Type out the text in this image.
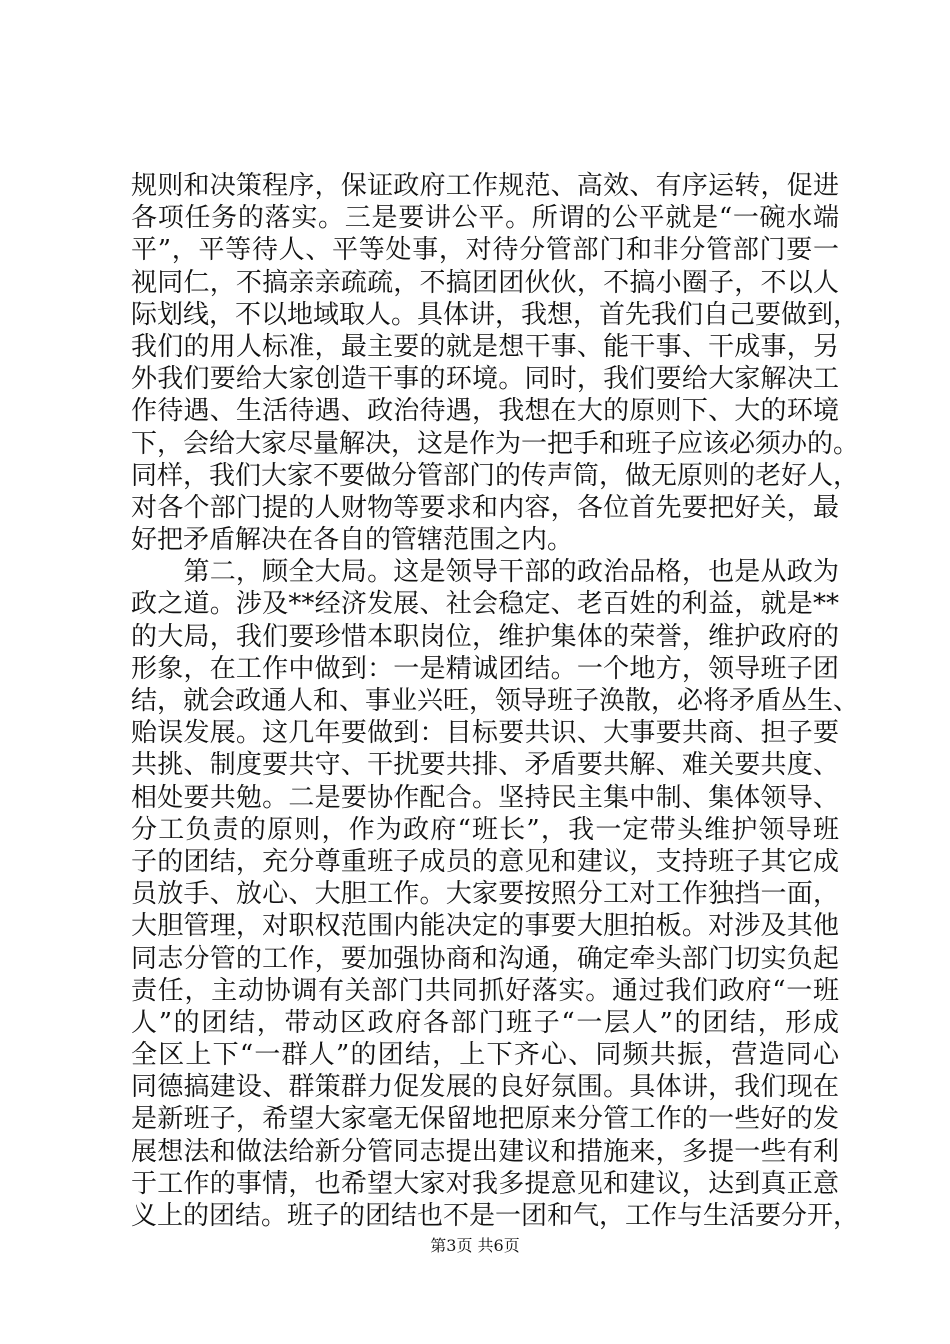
规则和决策程序，保证政府工作规范、高效、有序运转，促进
各项任务的落实。三是要讲公平。所谓的公平就是“一碗水端
平”，平等待人、平等处事，对待分管部门和非分管部门要一
视同仁，不搞亲亲疏疏，不搞团团伙伙，不搞小圈子，不以人
际划线，不以地域取人。具体讲，我想，首先我们自己要做到，
我们的用人标准，最主要的就是想干事、能干事、干成事，另
外我们要给大家创造干事的环境。同时，我们要给大家解决工
作待遇、生活待遇、政治待遇，我想在大的原则下、大的环境
下，会给大家尽量解决，这是作为一把手和班子应该必须办的。
同样，我们大家不要做分管部门的传声筒，做无原则的老好人，
对各个部门提的人财物等要求和内容，各位首先要把好关，最
好把矛盾解决在各自的管辖范围之内。
　　第二，顾全大局。这是领导干部的政治品格，也是从政为
政之道。涉及**经济发展、社会稳定、老百姓的利益，就是**
的大局，我们要珍惜本职岗位，维护集体的荣誉，维护政府的
形象，在工作中做到：一是精诚团结。一个地方，领导班子团
结，就会政通人和、事业兴旺，领导班子涣散，必将矛盾丛生、
贻误发展。这几年要做到：目标要共识、大事要共商、担子要
共挑、制度要共守、干扰要共排、矛盾要共解、难关要共度、
相处要共勉。二是要协作配合。坚持民主集中制、集体领导、
分工负责的原则，作为政府“班长”，我一定带头维护领导班
子的团结，充分尊重班子成员的意见和建议，支持班子其它成
员放手、放心、大胆工作。大家要按照分工对工作独挡一面，
大胆管理，对职权范围内能决定的事要大胆拍板。对涉及其他
同志分管的工作，要加强协商和沟通，确定牵头部门切实负起
责任，主动协调有关部门共同抓好落实。通过我们政府“一班
人”的团结，带动区政府各部门班子“一层人”的团结，形成
全区上下“一群人”的团结，上下齐心、同频共振，营造同心
同德搞建设、群策群力促发展的良好氛围。具体讲，我们现在
是新班子，希望大家毫无保留地把原来分管工作的一些好的发
展想法和做法给新分管同志提出建议和措施来，多提一些有利
于工作的事情，也希望大家对我多提意见和建议，达到真正意
义上的团结。班子的团结也不是一团和气，工作与生活要分开，
第3页 共6页
